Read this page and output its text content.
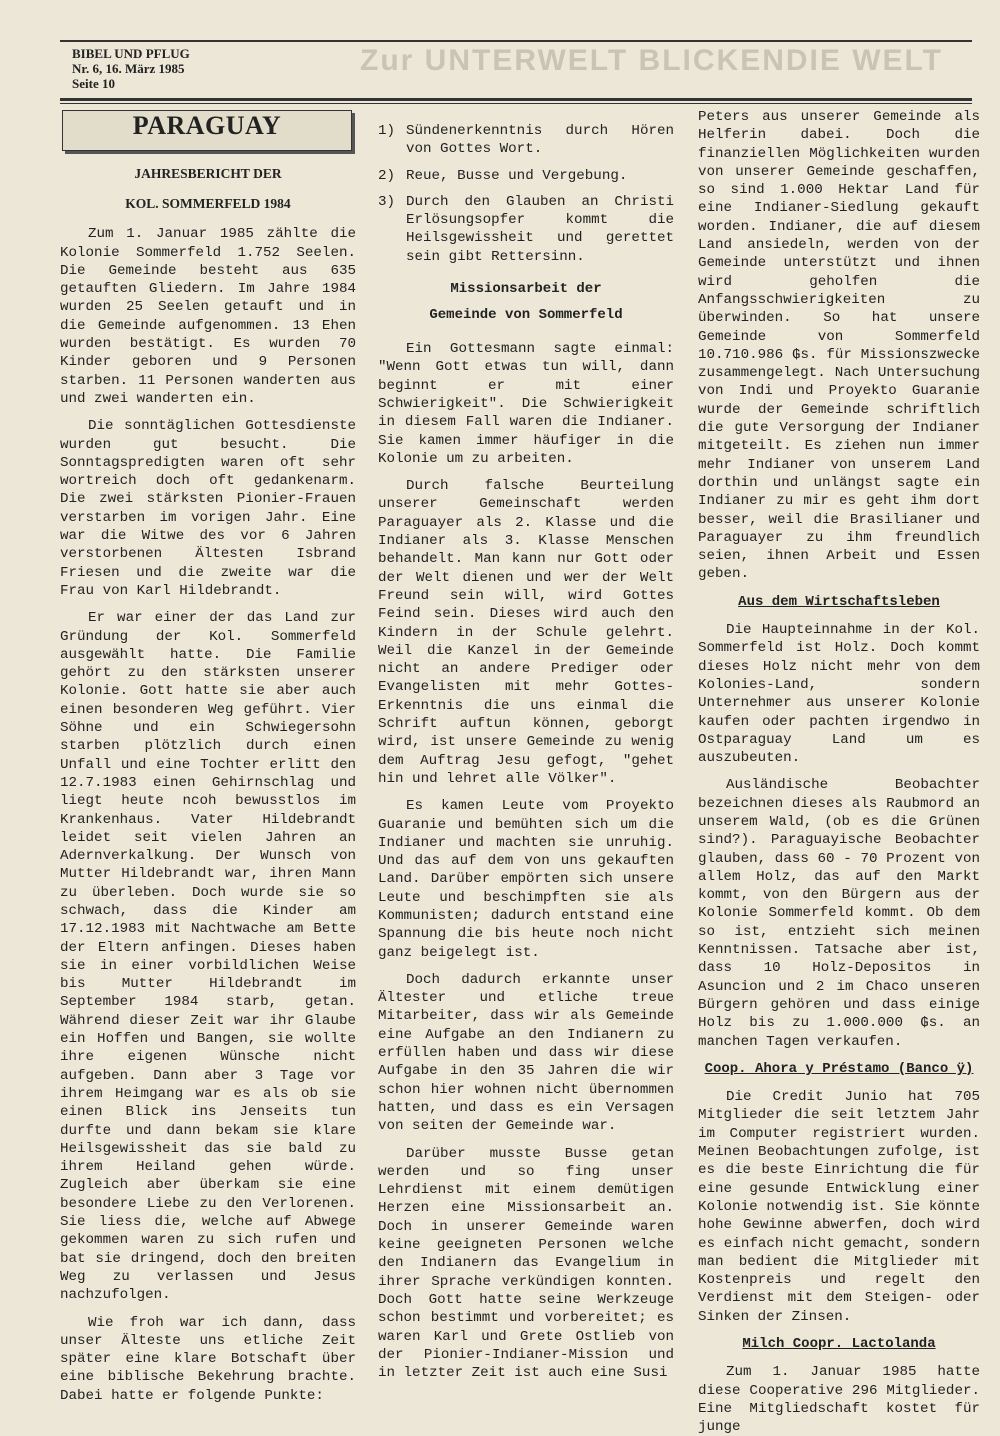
Zur UNTERWELT BLICKENDIE WELT
BIBEL UND PFLUG
Nr. 6, 16. März 1985
Seite 10
PARAGUAY
JAHRESBERICHT DER
KOL. SOMMERFELD 1984

Zum 1. Januar 1985 zählte die Kolonie Sommerfeld 1.752 Seelen. Die Gemeinde besteht aus 635 getauften Gliedern. Im Jahre 1984 wurden 25 Seelen getauft und in die Gemeinde aufgenommen. 13 Ehen wurden bestätigt. Es wurden 70 Kinder geboren und 9 Personen starben. 11 Personen wanderten aus und zwei wanderten ein.

Die sonntäglichen Gottesdienste wurden gut besucht. Die Sonntagspredigten waren oft sehr wortreich doch oft gedankenarm. Die zwei stärksten Pionier-Frauen verstarben im vorigen Jahr. Eine war die Witwe des vor 6 Jahren verstorbenen Ältesten Isbrand Friesen und die zweite war die Frau von Karl Hildebrandt.

Er war einer der das Land zur Gründung der Kol. Sommerfeld ausgewählt hatte. Die Familie gehört zu den stärksten unserer Kolonie. Gott hatte sie aber auch einen besonderen Weg geführt. Vier Söhne und ein Schwiegersohn starben plötzlich durch einen Unfall und eine Tochter erlitt den 12.7.1983 einen Gehirnschlag und liegt heute ncoh bewusstlos im Krankenhaus. Vater Hildebrandt leidet seit vielen Jahren an Adernverkalkung. Der Wunsch von Mutter Hildebrandt war, ihren Mann zu überleben. Doch wurde sie so schwach, dass die Kinder am 17.12.1983 mit Nachtwache am Bette der Eltern anfingen. Dieses haben sie in einer vorbildlichen Weise bis Mutter Hildebrandt im September 1984 starb, getan. Während dieser Zeit war ihr Glaube ein Hoffen und Bangen, sie wollte ihre eigenen Wünsche nicht aufgeben. Dann aber 3 Tage vor ihrem Heimgang war es als ob sie einen Blick ins Jenseits tun durfte und dann bekam sie klare Heilsgewissheit das sie bald zu ihrem Heiland gehen würde. Zugleich aber überkam sie eine besondere Liebe zu den Verlorenen. Sie liess die, welche auf Abwege gekommen waren zu sich rufen und bat sie dringend, doch den breiten Weg zu verlassen und Jesus nachzufolgen.

Wie froh war ich dann, dass unser Älteste uns etliche Zeit später eine klare Botschaft über eine biblische Bekehrung brachte. Dabei hatte er folgende Punkte:

1) Sündenerkenntnis durch Hören von Gottes Wort.
2) Reue, Busse und Vergebung.
3) Durch den Glauben an Christi Erlösungsopfer kommt die Heilsgewissheit und gerettet sein gibt Rettersinn.
Missionsarbeit der
Gemeinde von Sommerfeld

Ein Gottesmann sagte einmal: "Wenn Gott etwas tun will, dann beginnt er mit einer Schwierigkeit". Die Schwierigkeit in diesem Fall waren die Indianer. Sie kamen immer häufiger in die Kolonie um zu arbeiten.

Durch falsche Beurteilung unserer Gemeinschaft werden Paraguayer als 2. Klasse und die Indianer als 3. Klasse Menschen behandelt. Man kann nur Gott oder der Welt dienen und wer der Welt Freund sein will, wird Gottes Feind sein. Dieses wird auch den Kindern in der Schule gelehrt. Weil die Kanzel in der Gemeinde nicht an andere Prediger oder Evangelisten mit mehr Gottes-Erkenntnis die uns einmal die Schrift auftun können, geborgt wird, ist unsere Gemeinde zu wenig dem Auftrag Jesu gefogt, "gehet hin und lehret alle Völker".

Es kamen Leute vom Proyekto Guaranie und bemühten sich um die Indianer und machten sie unruhig. Und das auf dem von uns gekauften Land. Darüber empörten sich unsere Leute und beschimpften sie als Kommunisten; dadurch entstand eine Spannung die bis heute noch nicht ganz beigelegt ist.

Doch dadurch erkannte unser Ältester und etliche treue Mitarbeiter, dass wir als Gemeinde eine Aufgabe an den Indianern zu erfüllen haben und dass wir diese Aufgabe in den 35 Jahren die wir schon hier wohnen nicht übernommen hatten, und dass es ein Versagen von seiten der Gemeinde war.

Darüber musste Busse getan werden und so fing unser Lehrdienst mit einem demütigen Herzen eine Missionsarbeit an. Doch in unserer Gemeinde waren keine geeigneten Personen welche den Indianern das Evangelium in ihrer Sprache verkündigen konnten. Doch Gott hatte seine Werkzeuge schon bestimmt und vorbereitet; es waren Karl und Grete Ostlieb von der Pionier-Indianer-Mission und in letzter Zeit ist auch eine Susi

Peters aus unserer Gemeinde als Helferin dabei. Doch die finanziellen Möglichkeiten wurden von unserer Gemeinde geschaffen, so sind 1.000 Hektar Land für eine Indianer-Siedlung gekauft worden. Indianer, die auf diesem Land ansiedeln, werden von der Gemeinde unterstützt und ihnen wird geholfen die Anfangsschwierigkeiten zu überwinden. So hat unsere Gemeinde von Sommerfeld 10.710.986 ₲s. für Missionszwecke zusammengelegt. Nach Untersuchung von Indi und Proyekto Guaranie wurde der Gemeinde schriftlich die gute Versorgung der Indianer mitgeteilt. Es ziehen nun immer mehr Indianer von unserem Land dorthin und unlängst sagte ein Indianer zu mir es geht ihm dort besser, weil die Brasilianer und Paraguayer zu ihm freundlich seien, ihnen Arbeit und Essen geben.

Aus dem Wirtschaftsleben

Die Haupteinnahme in der Kol. Sommerfeld ist Holz. Doch kommt dieses Holz nicht mehr von dem Kolonies-Land, sondern Unternehmer aus unserer Kolonie kaufen oder pachten irgendwo in Ostparaguay Land um es auszubeuten.

Ausländische Beobachter bezeichnen dieses als Raubmord an unserem Wald, (ob es die Grünen sind?). Paraguayische Beobachter glauben, dass 60 - 70 Prozent von allem Holz, das auf den Markt kommt, von den Bürgern aus der Kolonie Sommerfeld kommt. Ob dem so ist, entzieht sich meinen Kenntnissen. Tatsache aber ist, dass 10 Holz-Depositos in Asuncion und 2 im Chaco unseren Bürgern gehören und dass einige Holz bis zu 1.000.000 ₲s. an manchen Tagen verkaufen.

Coop. Ahora y Préstamo (Banco ÿ)

Die Credit Junio hat 705 Mitglieder die seit letztem Jahr im Computer registriert wurden. Meinen Beobachtungen zufolge, ist es die beste Einrichtung die für eine gesunde Entwicklung einer Kolonie notwendig ist. Sie könnte hohe Gewinne abwerfen, doch wird es einfach nicht gemacht, sondern man bedient die Mitglieder mit Kostenpreis und regelt den Verdienst mit dem Steigen- oder Sinken der Zinsen.

Milch Coopr. Lactolanda

Zum 1. Januar 1985 hatte diese Cooperative 296 Mitglieder. Eine Mitgliedschaft kostet für junge
